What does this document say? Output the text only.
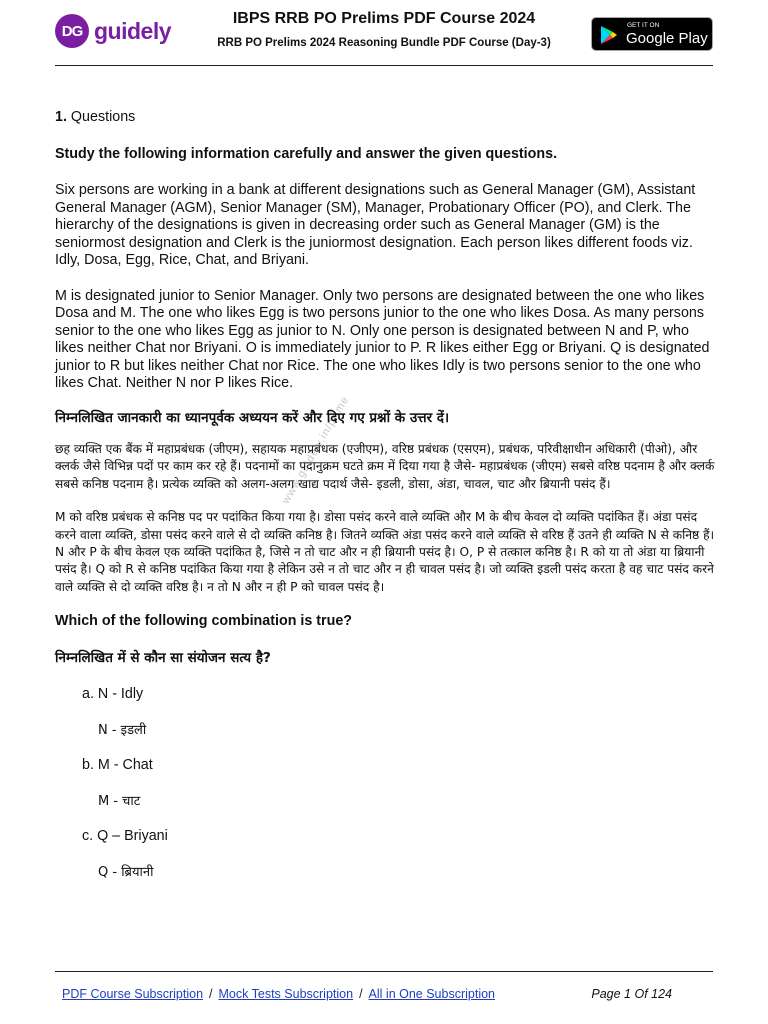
DG guidely	IBPS RRB PO Prelims PDF Course 2024
RRB PO Prelims 2024 Reasoning Bundle PDF Course (Day-3)
GET IT ON
Google Play
www.guidely.in/prime

1. Questions

Study the following information carefully and answer the given questions.

Six persons are working in a bank at different designations such as General Manager (GM), Assistant General Manager (AGM), Senior Manager (SM), Manager, Probationary Officer (PO), and Clerk. The hierarchy of the designations is given in decreasing order such as General Manager (GM) is the seniormost designation and Clerk is the juniormost designation. Each person likes different foods viz. Idly, Dosa, Egg, Rice, Chat, and Briyani.

M is designated junior to Senior Manager. Only two persons are designated between the one who likes Dosa and M. The one who likes Egg is two persons junior to the one who likes Dosa. As many persons senior to the one who likes Egg as junior to N. Only one person is designated between N and P, who likes neither Chat nor Briyani. O is immediately junior to P. R likes either Egg or Briyani. Q is designated junior to R but likes neither Chat nor Rice. The one who likes Idly is two persons senior to the one who likes Chat. Neither N nor P likes Rice.

निम्नलिखित जानकारी का ध्यानपूर्वक अध्ययन करें और दिए गए प्रश्नों के उत्तर दें।

छह व्यक्ति एक बैंक में महाप्रबंधक (जीएम), सहायक महाप्रबंधक (एजीएम), वरिष्ठ प्रबंधक (एसएम), प्रबंधक, परिवीक्षाधीन अधिकारी (पीओ), और क्लर्क जैसे विभिन्न पदों पर काम कर रहे हैं। पदनामों का पदानुक्रम घटते क्रम में दिया गया है जैसे- महाप्रबंधक (जीएम) सबसे वरिष्ठ पदनाम है और क्लर्क सबसे कनिष्ठ पदनाम है। प्रत्येक व्यक्ति को अलग-अलग खाद्य पदार्थ जैसे- इडली, डोसा, अंडा, चावल, चाट और ब्रियानी पसंद हैं।

M को वरिष्ठ प्रबंधक से कनिष्ठ पद पर पदांकित किया गया है। डोसा पसंद करने वाले व्यक्ति और M के बीच केवल दो व्यक्ति पदांकित हैं। अंडा पसंद करने वाला व्यक्ति, डोसा पसंद करने वाले से दो व्यक्ति कनिष्ठ है। जितने व्यक्ति अंडा पसंद करने वाले व्यक्ति से वरिष्ठ हैं उतने ही व्यक्ति N से कनिष्ठ हैं। N और P के बीच केवल एक व्यक्ति पदांकित है, जिसे न तो चाट और न ही ब्रियानी पसंद है। O, P से तत्काल कनिष्ठ है। R को या तो अंडा या ब्रियानी पसंद है। Q को R से कनिष्ठ पदांकित किया गया है लेकिन उसे न तो चाट और न ही चावल पसंद है। जो व्यक्ति इडली पसंद करता है वह चाट पसंद करने वाले व्यक्ति से दो व्यक्ति वरिष्ठ है। न तो N और न ही P को चावल पसंद है।

Which of the following combination is true?

निम्नलिखित में से कौन सा संयोजन सत्य है?

a. N - Idly

N - इडली

b. M - Chat

M - चाट

c. Q – Briyani

Q - ब्रियानी

PDF Course Subscription / Mock Tests Subscription / All in One Subscription	Page 1 Of 124
